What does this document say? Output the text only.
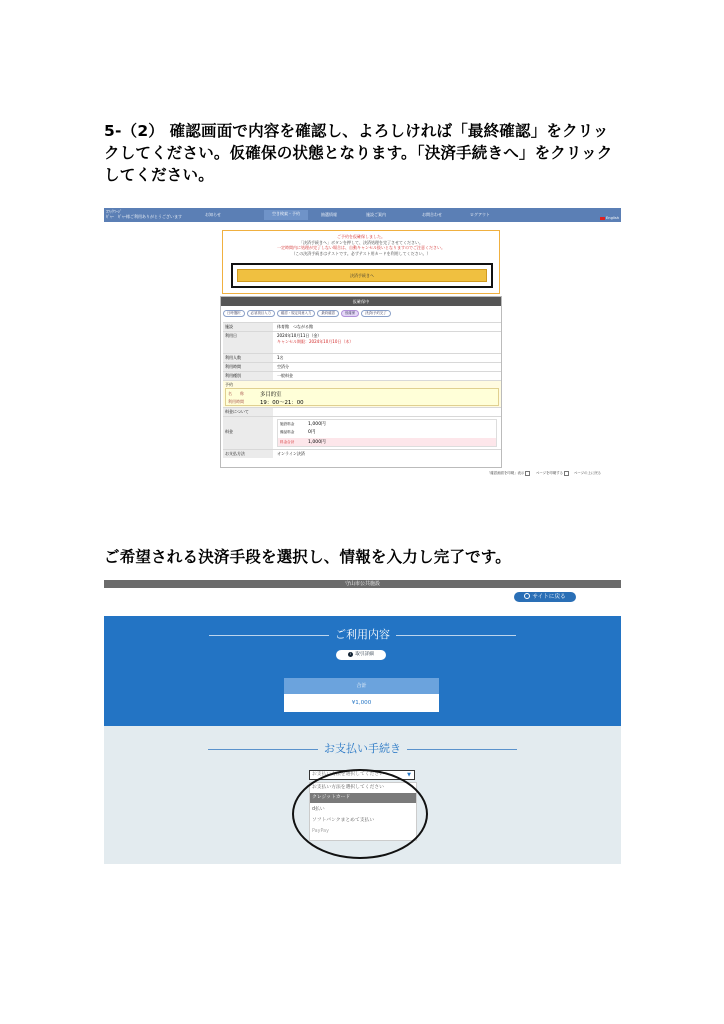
5-（2） 確認画面で内容を確認し、よろしければ「最終確認」をクリックしてください。仮確保の状態となります。「決済手続きへ」をクリックしてください。
ｽﾌｧｸﾏｰｼﾞ
ｷﾞｬｰ　ｷﾞｬｰ様ご利用ありがとうございます	お知らせ	空き検索・予約	抽選情報	施設ご案内	お問合わせ	ログアウト
English
ご予約を仮確保しました。
「決済手続きへ」ボタンを押して、決済処理を完了させてください。
一定時間内に処理が完了しない場合は、自動キャンセル扱いとなりますのでご注意ください。
（この決済手続きはテストです。必ずテスト用カードを利用してください。）
決済手続きへ
仮確保中
日時選択	必須項目入力	確認・規定同意入力	最終確認	仮確保	決済/予約完了
施設	体育館　つながる館
利用日	2024年10月11日（金）
キャンセル期限：2024年10月10日（木）
利用人数	1名
利用時間	空済分
利用種別	一般料金
予約
名　　称	多目的室
利用時間	19：00～21：00
料金について
料金
施設料金	1,000円
備品料金	0円
料金合計	1,000円
お支払方法	オンライン決済
「確認画面を印刷」表示	ページを印刷する	ページの上に戻る
ご希望される決済手段を選択し、情報を入力し完了です。
守山市公共施設
サイトに戻る
ご利用内容
i 取引詳細
合計
¥1,000
お支払い手続き
お支払い方法を選択してください	▼
お支払い方法を選択してください
クレジットカード
d払い
ソフトバンクまとめて支払い
PayPay
